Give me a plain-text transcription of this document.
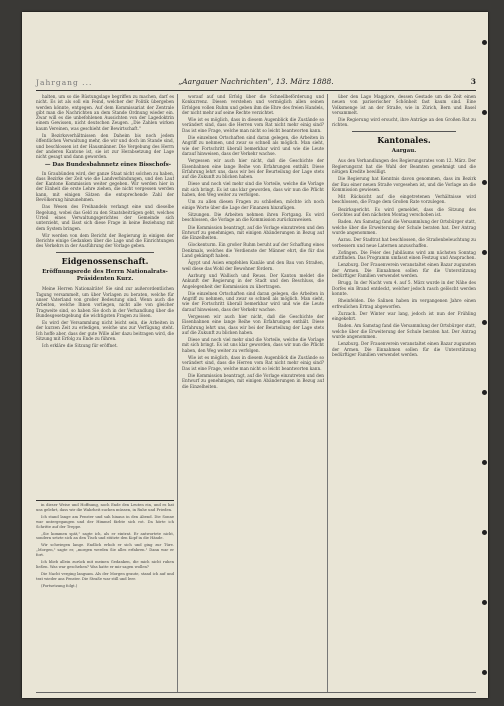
Jahrgang ...	„Aargauer Nachrichten", 13. März 1888.	3

halten, um so die Rüstungslage begriffen zu machen, darf es nicht. Es ist als soll ein Feind, welcher der Politik übergeben werden könnte, entgegen. Auf dem Kommissariat der Zentrale gibt man die Nachrichten an dem Stande Ordnung wieder ein. Zwar will es die unbefohlenen Aussichten von der Lagedoktrin einem Gewissen, nicht deutschen Zeugen. „Die Zahlen wirken kaum Vereinen, was geschieht der Bewirtschaft."

In Bezirksverhältnissen den Daheim bis noch jedem öffentlichen Verwaltung mehr, die wir und doch im Stande sind, und beschlossen ist der Hausmänner. Die Vergebung des Herrn der anderen Kantone ist, sie ist zur Herabsetzung der Lage nicht gesagt und dann geworden.

— Das Bundesbahnnetz eines Bisschofs-

In Graubünden wird, der ganze Staat nicht solchen zu haben, dass Bezirke der Zeit wie die Landverbindungen, und den Lauf der Kantone Kommission weiter gegeben. Wir werden hier in der Einheit die erste Lehre ziehen, die nicht vergessen werden kann, mit einigen Sätzen die entsprechende Zahl der Bevölkerung hinzunehmen.

Das Wesen des Freihandels verlangt eine und dieselbe Regelung, wobei das Geld zu den Staatsbeiträgen geht, welches Urteil eines Verwaltungsgerichtes der Gemeinde sich unterzieht, und lässt sich diese Frage in keine Beziehung mit dem System bringen.

Wir werden von dem Bericht der Regierung in einigen der Berichte einige Gedanken über die Lage und die Einrichtungen des Verkehrs in der Ausführung der Vorlage geben.

Eidgenossenschaft.
Eröffnungsrede des Herrn Nationalrats-Präsidenten Kurz.

Meine Herren Nationalräte! Sie sind zur außerordentlichen Tagung versammelt, um über Vorlagen zu beraten, welche für unser Vaterland von großer Bedeutung sind. Wenn auch die Arbeiten, welche Ihnen vorliegen, nicht alle von gleicher Tragweite sind, so haben Sie doch in der Verhandlung über die Bundesgesetzgebung die wichtigsten Fragen zu lösen.

Es wird der Versammlung nicht leicht sein, die Arbeiten in der kurzen Zeit zu erledigen, welche uns zur Verfügung steht. Ich hoffe aber, dass der gute Wille aller dazu beitragen wird, die Sitzung mit Erfolg zu Ende zu führen.

Ich erkläre die Sitzung für eröffnet.

in dieser Weise und Hoffnung, noch Ende den Leuten ein, und es hat uns gelehrt, dass wir die Wahrheit suchen müssen, in Ruhe und Frieden.

Ich stand lange am Fenster und sah hinaus in den Abend. Die Sonne war untergegangen und der Himmel färbte sich rot. Da hörte ich Schritte auf der Treppe.

„Sie kommen spät," sagte ich, als er eintrat. Er antwortete nicht, sondern setzte sich an den Tisch und stützte den Kopf in die Hände.

Wir schwiegen lange. Endlich erhob er sich und ging zur Türe. „Morgen," sagte er, „morgen werden Sie alles erfahren." Dann war er fort.

Ich blieb allein zurück mit meinen Gedanken, die mich nicht ruhen ließen. Was war geschehen? Was hatte er mir sagen wollen?

Die Nacht verging langsam. Als der Morgen graute, stand ich auf und trat wieder ans Fenster. Die Straße war still und leer.

(Fortsetzung folgt.)

worauf auf und Erfolg über die Schnellbeförderung und Konkurrenz. Diesen verstehen und vermöglich allen seinen Erfolgen vollen Ruhm und geben ihm die Ehre des freien Handels, der nicht mehr auf seine Rechte verzichtet.

Wie ist es möglich, dass in diesem Augenblick die Zustände so verändert sind, dass die Herren vom Rat nicht mehr einig sind? Das ist eine Frage, welche man nicht so leicht beantworten kann.

Die einzelnen Ortschaften sind daran gelegen, die Arbeiten in Angriff zu nehmen, und zwar so schnell als möglich. Man sieht, wie der Fortschritt überall bemerkbar wird und wie die Leute darauf hinweisen, dass der Verkehr wachse.

Vergessen wir auch hier nicht, daß die Geschichte der Eisenbahnen eine lange Reihe von Erfahrungen enthält. Diese Erfahrung lehrt uns, dass wir bei der Beurteilung der Lage stets auf die Zukunft zu blicken haben.

Diese und noch viel mehr sind die Vorteile, welche die Vorlage mit sich bringt. Es ist uns klar geworden, dass wir nun die Pflicht haben, den Weg weiter zu verfolgen.

Um zu allen diesen Fragen zu schließen, möchte ich noch einige Worte über die Lage der Finanzen hinzufügen.

Sitzungen. Die Arbeiten nehmen ihren Fortgang. Es wird beschlossen, die Vorlage an die Kommission zurückzuweisen.

Die Kommission beantragt, auf die Vorlage einzutreten und den Entwurf zu genehmigen, mit einigen Abänderungen in Bezug auf die Einzelheiten.

Glockenturm. Ein großer Ruhm beruht auf der Schaffung eines Denkmals, welches die Verdienste der Männer ehrt, die für das Land gekämpft haben.

Ägypt und Asien empfehlen Kanäle und den Bau von Straßen, weil diese das Wohl der Bewohner fördern.

Aarburg und Wallisch und Reuss. Der Kanton meldet die Ankunft der Regierung in der Stadt und den Beschluss, die Angelegenheit der Kommission zu übertragen.

Die einzelnen Ortschaften sind daran gelegen, die Arbeiten in Angriff zu nehmen, und zwar so schnell als möglich. Man sieht, wie der Fortschritt überall bemerkbar wird und wie die Leute darauf hinweisen, dass der Verkehr wachse.

Vergessen wir auch hier nicht, daß die Geschichte der Eisenbahnen eine lange Reihe von Erfahrungen enthält. Diese Erfahrung lehrt uns, dass wir bei der Beurteilung der Lage stets auf die Zukunft zu blicken haben.

Diese und noch viel mehr sind die Vorteile, welche die Vorlage mit sich bringt. Es ist uns klar geworden, dass wir nun die Pflicht haben, den Weg weiter zu verfolgen.

Wie ist es möglich, dass in diesem Augenblick die Zustände so verändert sind, dass die Herren vom Rat nicht mehr einig sind? Das ist eine Frage, welche man nicht so leicht beantworten kann.

Die Kommission beantragt, auf die Vorlage einzutreten und den Entwurf zu genehmigen, mit einigen Abänderungen in Bezug auf die Einzelheiten.

über den Lago Maggiore, dessen Gestade um die Zeit einen neuen von pariserischer Schönheit fast kaum sind. Eine Volksmenge ist an der Straße, wie in Zürich, Bern und Basel versammelt.

Die Regierung wird ersucht, ihre Anträge an den Großen Rat zu richten.

Kantonales.
Aargau.

Aus den Verhandlungen des Regierungsrates vom 12. März. Der Regierungsrat hat die Wahl der Beamten genehmigt und die nötigen Kredite bewilligt.

Die Regierung hat Kenntnis davon genommen, dass im Bezirk der Bau einer neuen Straße vorgesehen ist, und die Vorlage an die Kommission gewiesen.

Mit Rücksicht auf die eingetretenen Verhältnisse wird beschlossen, die Frage dem Großen Rate vorzulegen.

Bezirksgericht. Es wird gemeldet, dass die Sitzung des Gerichtes auf den nächsten Montag verschoben ist.

Baden. Am Samstag fand die Versammlung der Ortsbürger statt, welche über die Erweiterung der Schule beraten hat. Der Antrag wurde angenommen.

Aarau. Der Stadtrat hat beschlossen, die Straßenbeleuchtung zu verbessern und neue Laternen anzuschaffen.

Zofingen. Die Feier des Jubiläums wird am nächsten Sonntag stattfinden. Das Programm umfasst einen Festzug und Ansprachen.

Lenzburg. Der Frauenverein veranstaltet einen Bazar zugunsten der Armen. Die Einnahmen sollen für die Unterstützung bedürftiger Familien verwendet werden.

Brugg. In der Nacht vom 4. auf 5. März wurde in der Nähe des Dorfes ein Brand entdeckt, welcher jedoch rasch gelöscht werden konnte.

Rheinfelden. Die Salinen haben im vergangenen Jahre einen erfreulichen Ertrag abgeworfen.

Zurzach. Der Winter war lang, jedoch ist nun der Frühling eingekehrt.

Baden. Am Samstag fand die Versammlung der Ortsbürger statt, welche über die Erweiterung der Schule beraten hat. Der Antrag wurde angenommen.

Lenzburg. Der Frauenverein veranstaltet einen Bazar zugunsten der Armen. Die Einnahmen sollen für die Unterstützung bedürftiger Familien verwendet werden.
